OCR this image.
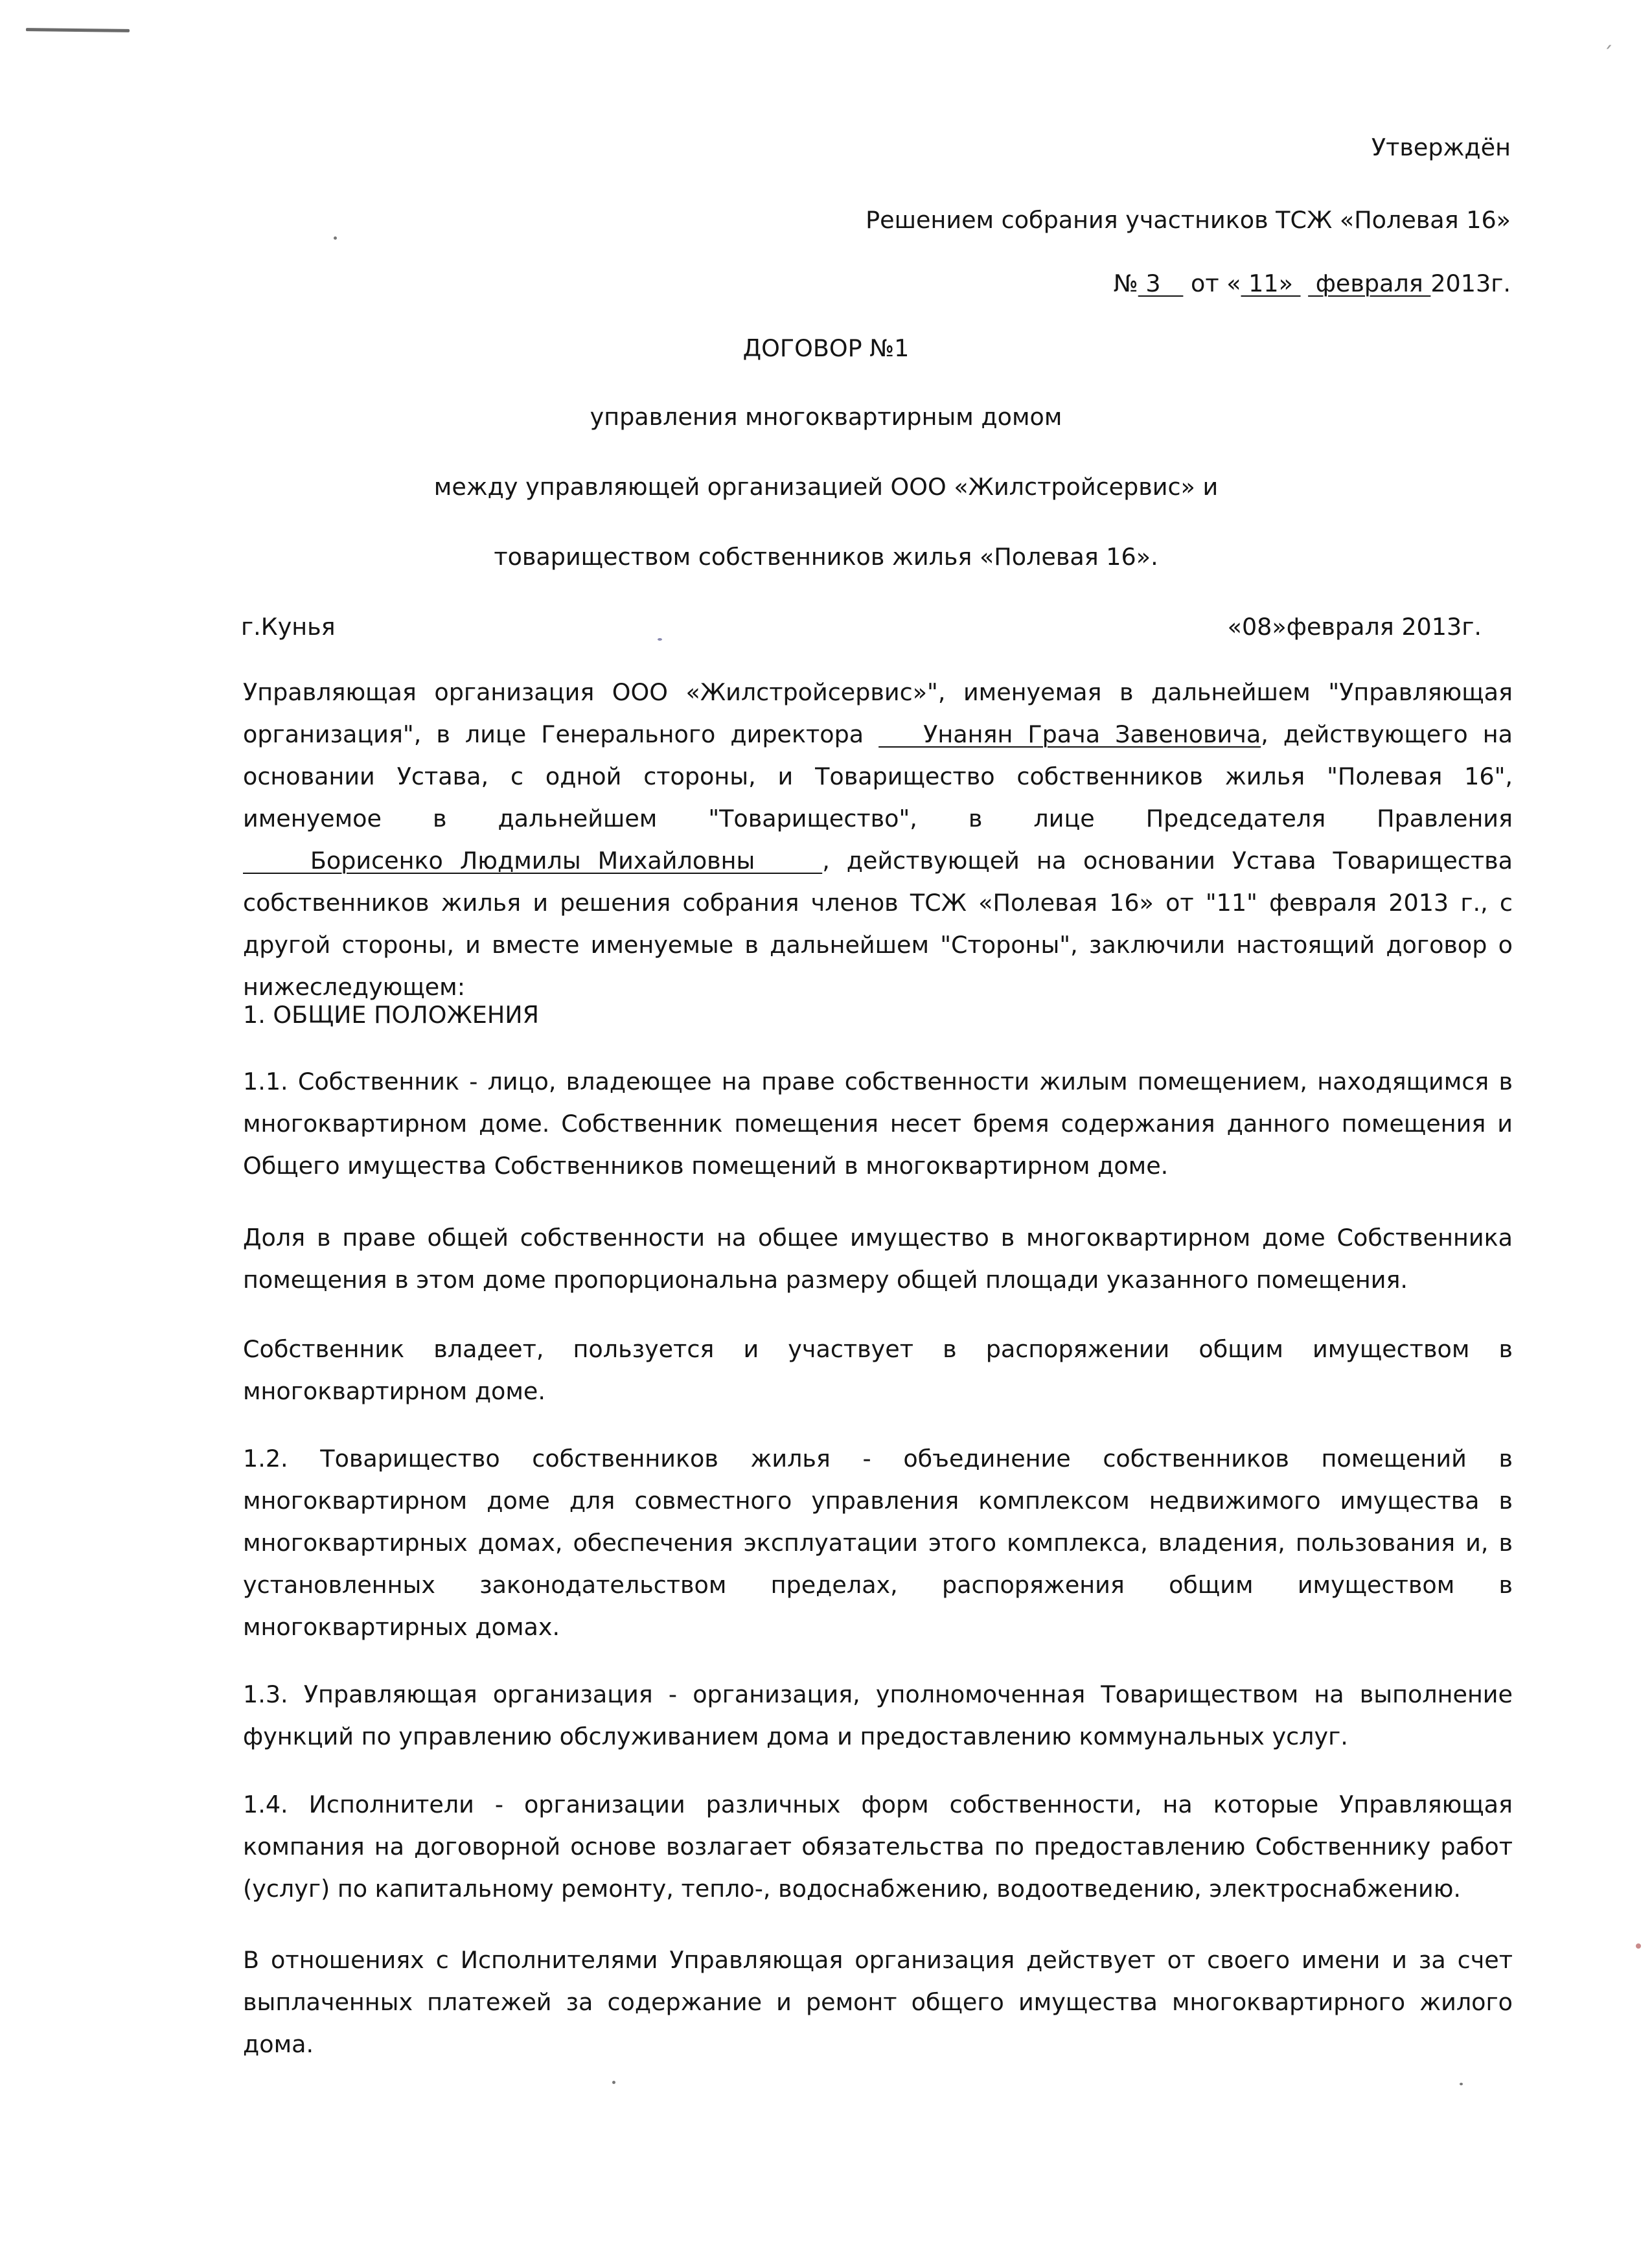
ˏ
Утверждён
Решением собрания участников ТСЖ «Полевая 16»
№ 3    от « 11»   февраля 2013г.
ДОГОВОР №1
управления многоквартирным домом
между управляющей организацией ООО «Жилстройсервис» и
товариществом собственников жилья «Полевая 16».
г.Кунья	«08»февраля 2013г.

Управляющая организация ООО «Жилстройсервис»", именуемая в дальнейшем "Управляющая организация", в лице Генерального директора    Унанян Грача Завеновича, действующего на основании Устава, с одной стороны, и Товарищество собственников жилья "Полевая 16", именуемое в дальнейшем "Товарищество", в лице Председателя Правления     Борисенко Людмилы Михайловны    , действующей на основании Устава Товарищества собственников жилья и решения собрания членов ТСЖ «Полевая 16» от "11" февраля 2013 г., с другой стороны, и вместе именуемые в дальнейшем "Стороны", заключили настоящий договор о нижеследующем:

1. ОБЩИЕ ПОЛОЖЕНИЯ

1.1. Собственник - лицо, владеющее на праве собственности жилым помещением, находящимся в многоквартирном доме. Собственник помещения несет бремя содержания данного помещения и Общего имущества Собственников помещений в многоквартирном доме.

Доля в праве общей собственности на общее имущество в многоквартирном доме Собственника помещения в этом доме пропорциональна размеру общей площади указанного помещения.

Собственник владеет, пользуется и участвует в распоряжении общим имуществом в многоквартирном доме.

1.2. Товарищество собственников жилья - объединение собственников помещений в многоквартирном доме для совместного управления комплексом недвижимого имущества в многоквартирных домах, обеспечения эксплуатации этого комплекса, владения, пользования и, в установленных законодательством пределах, распоряжения общим имуществом в многоквартирных домах.

1.3. Управляющая организация - организация, уполномоченная Товариществом на выполнение функций по управлению обслуживанием дома и предоставлению коммунальных услуг.

1.4. Исполнители - организации различных форм собственности, на которые Управляющая компания на договорной основе возлагает обязательства по предоставлению Собственнику работ (услуг) по капитальному ремонту, тепло-, водоснабжению, водоотведению, электроснабжению.

В отношениях с Исполнителями Управляющая организация действует от своего имени и за счет выплаченных платежей за содержание и ремонт общего имущества многоквартирного жилого дома.
